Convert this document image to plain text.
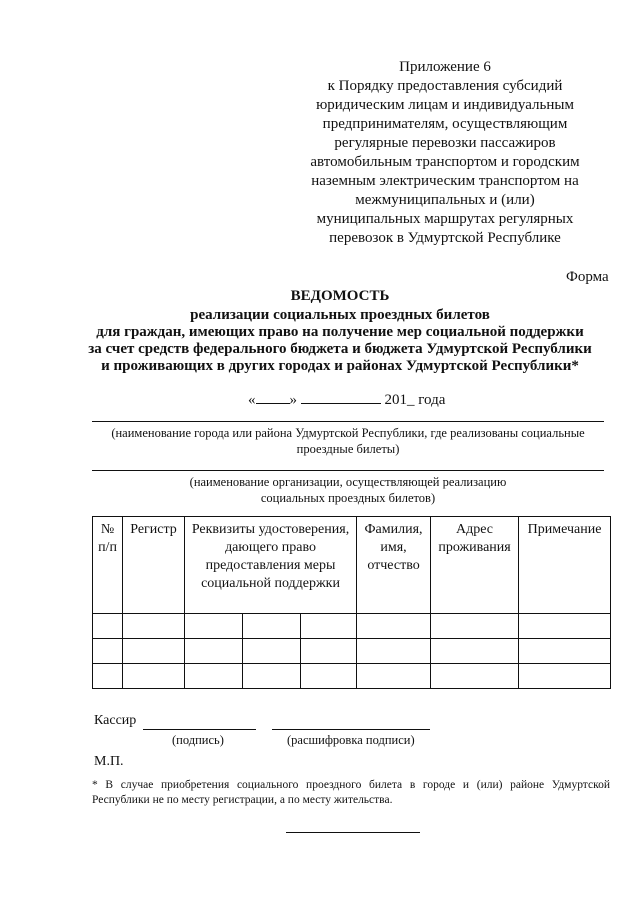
Приложение 6
к Порядку предоставления субсидий
юридическим лицам и индивидуальным
предпринимателям, осуществляющим
регулярные перевозки пассажиров
автомобильным транспортом и городским
наземным электрическим транспортом на
межмуниципальных и (или)
муниципальных маршрутах регулярных
перевозок в Удмуртской Республике
Форма
ВЕДОМОСТЬ
реализации социальных проездных билетов
для граждан, имеющих право на получение мер социальной поддержки
за счет средств федерального бюджета и бюджета Удмуртской Республики
и проживающих в других городах и районах Удмуртской Республики*
« »	201_ года
(наименование города или района Удмуртской Республики, где реализованы социальные проездные билеты)
(наименование организации, осуществляющей реализацию
социальных проездных билетов)
№ п/п	Регистр	Реквизиты удостоверения, дающего право предоставления меры социальной поддержки			Фамилия, имя, отчество	Адрес проживания	Примечание

Кассир
(подпись)	(расшифровка подписи)
М.П.
* В случае приобретения социального проездного билета в городе и (или) районе Удмуртской Республики не по месту регистрации, а по месту жительства.
